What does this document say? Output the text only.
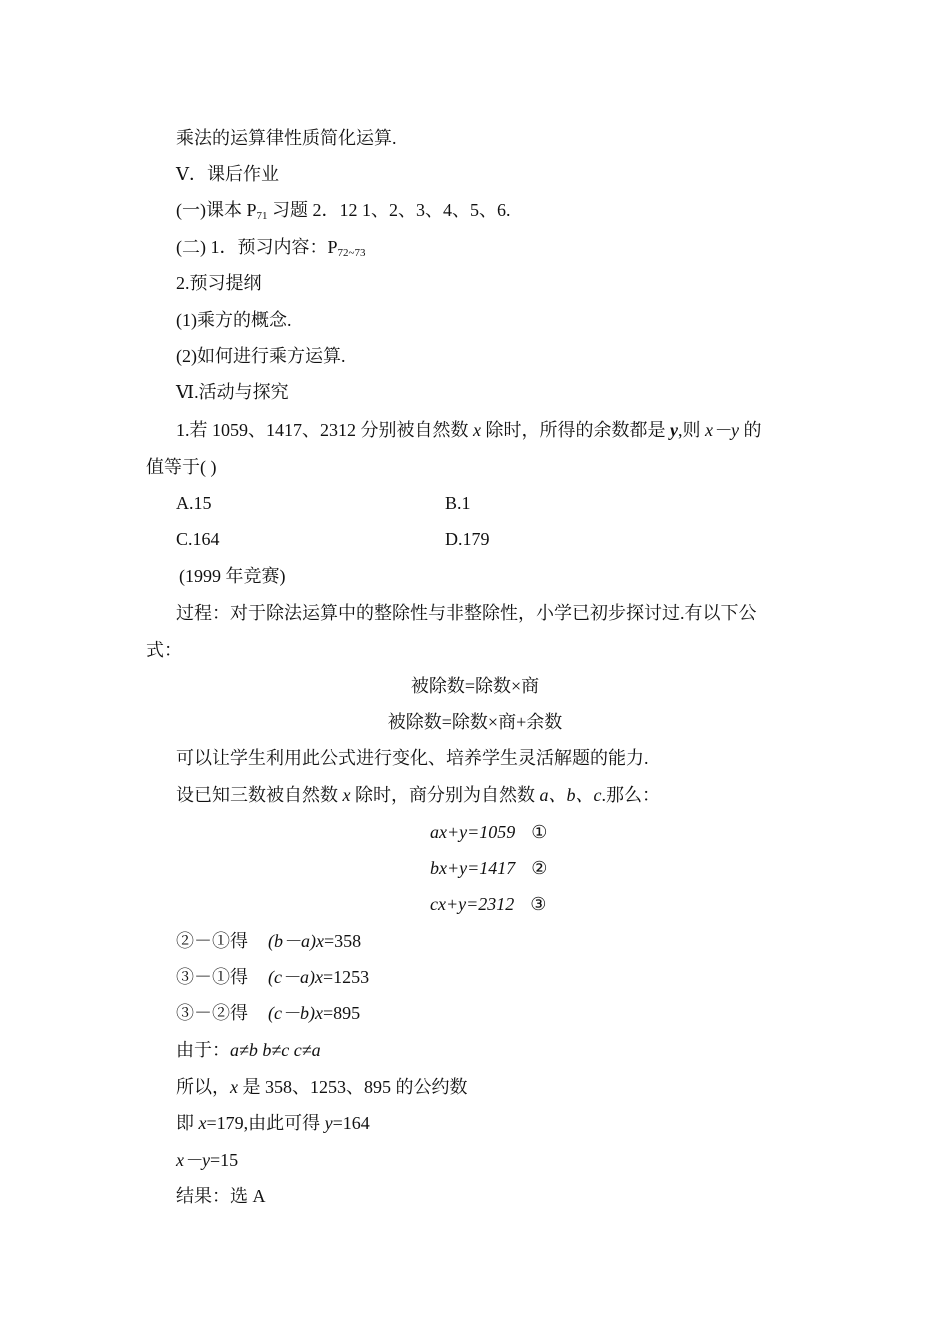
乘法的运算律性质简化运算.
Ⅴ．课后作业
(一)课本 $P_{71}$ 习题 2．12 1、2、3、4、5、6.
(二) 1．预习内容：$P_{72\sim 73}$
2.预习提纲
(1)乘方的概念.
(2)如何进行乘方运算.
Ⅵ.活动与探究
1.若 1059、1417、2312 分别被自然数 x 除时，所得的余数都是 y,则 x－y 的
值等于( )
A.15	B.1
C.164	D.179
(1999 年竞赛)
过程：对于除法运算中的整除性与非整除性，小学已初步探讨过.有以下公
式：
被除数=除数×商
被除数=除数×商+余数
可以让学生利用此公式进行变化、培养学生灵活解题的能力.
设已知三数被自然数 x 除时，商分别为自然数 a、b、c.那么：
ax+y=1059 ①
bx+y=1417 ②
cx+y=2312 ③
②－①得 (b－a)x=358
③－①得 (c－a)x=1253
③－②得 (c－b)x=895
由于：a≠b b≠c c≠a
所以，x 是 358、1253、895 的公约数
即 x=179,由此可得 y=164
x－y=15
结果：选 A
